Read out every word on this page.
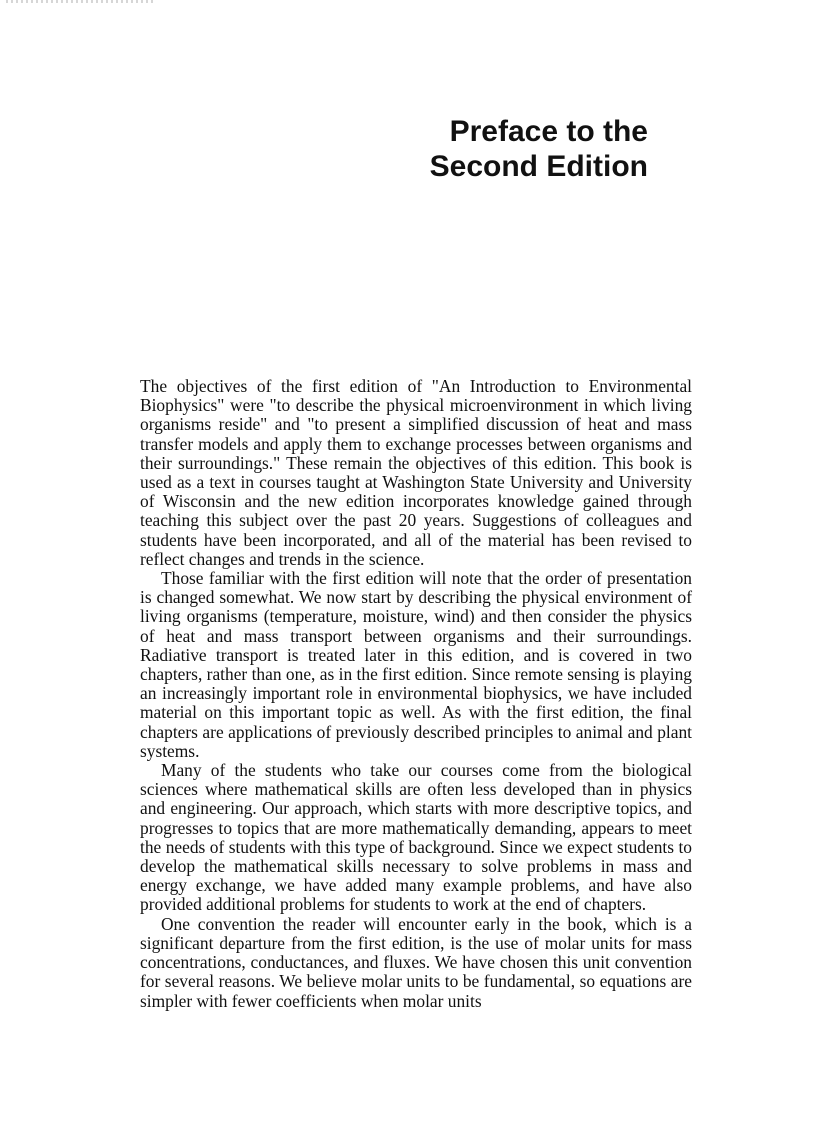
Preface to the
Second Edition

The objectives of the first edition of "An Introduction to Environmental Biophysics" were "to describe the physical microenvironment in which living organisms reside" and "to present a simplified discussion of heat and mass transfer models and apply them to exchange processes between organisms and their surroundings." These remain the objectives of this edition. This book is used as a text in courses taught at Washington State University and University of Wisconsin and the new edition incorporates knowledge gained through teaching this subject over the past 20 years. Suggestions of colleagues and students have been incorporated, and all of the material has been revised to reflect changes and trends in the science.

Those familiar with the first edition will note that the order of presentation is changed somewhat. We now start by describing the physical environment of living organisms (temperature, moisture, wind) and then consider the physics of heat and mass transport between organisms and their surroundings. Radiative transport is treated later in this edition, and is covered in two chapters, rather than one, as in the first edition. Since remote sensing is playing an increasingly important role in environmental biophysics, we have included material on this important topic as well. As with the first edition, the final chapters are applications of previously described principles to animal and plant systems.

Many of the students who take our courses come from the biological sciences where mathematical skills are often less developed than in physics and engineering. Our approach, which starts with more descriptive topics, and progresses to topics that are more mathematically demanding, appears to meet the needs of students with this type of background. Since we expect students to develop the mathematical skills necessary to solve problems in mass and energy exchange, we have added many example problems, and have also provided additional problems for students to work at the end of chapters.

One convention the reader will encounter early in the book, which is a significant departure from the first edition, is the use of molar units for mass concentrations, conductances, and fluxes. We have chosen this unit convention for several reasons. We believe molar units to be fundamental, so equations are simpler with fewer coefficients when molar units
